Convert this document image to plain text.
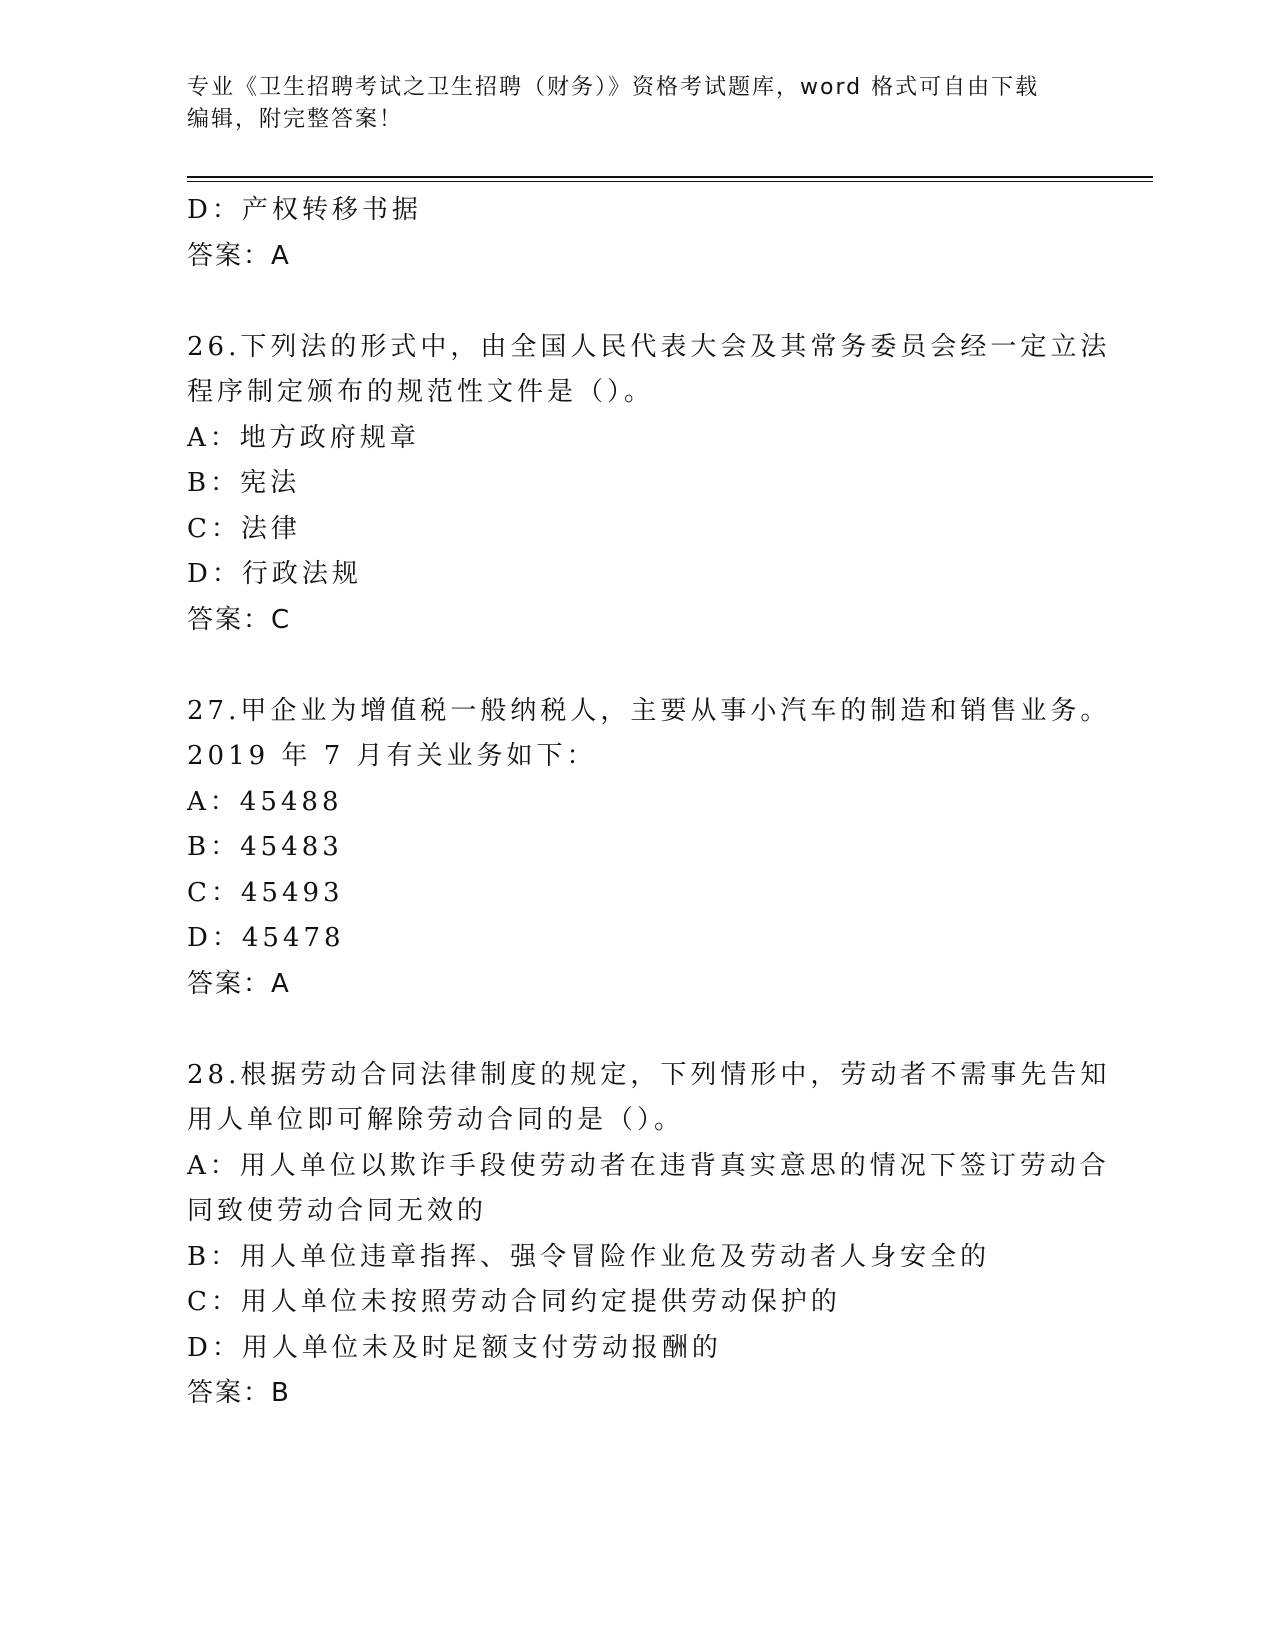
专业《卫生招聘考试之卫生招聘（财务）》资格考试题库，word 格式可自由下载
编辑，附完整答案！
D：产权转移书据
答案：A
26.下列法的形式中，由全国人民代表大会及其常务委员会经一定立法
程序制定颁布的规范性文件是（）。
A：地方政府规章
B：宪法
C：法律
D：行政法规
答案：C
27.甲企业为增值税一般纳税人，主要从事小汽车的制造和销售业务。
2019 年 7 月有关业务如下：
A：45488
B：45483
C：45493
D：45478
答案：A
28.根据劳动合同法律制度的规定，下列情形中，劳动者不需事先告知
用人单位即可解除劳动合同的是（）。
A：用人单位以欺诈手段使劳动者在违背真实意思的情况下签订劳动合
同致使劳动合同无效的
B：用人单位违章指挥、强令冒险作业危及劳动者人身安全的
C：用人单位未按照劳动合同约定提供劳动保护的
D：用人单位未及时足额支付劳动报酬的
答案：B
